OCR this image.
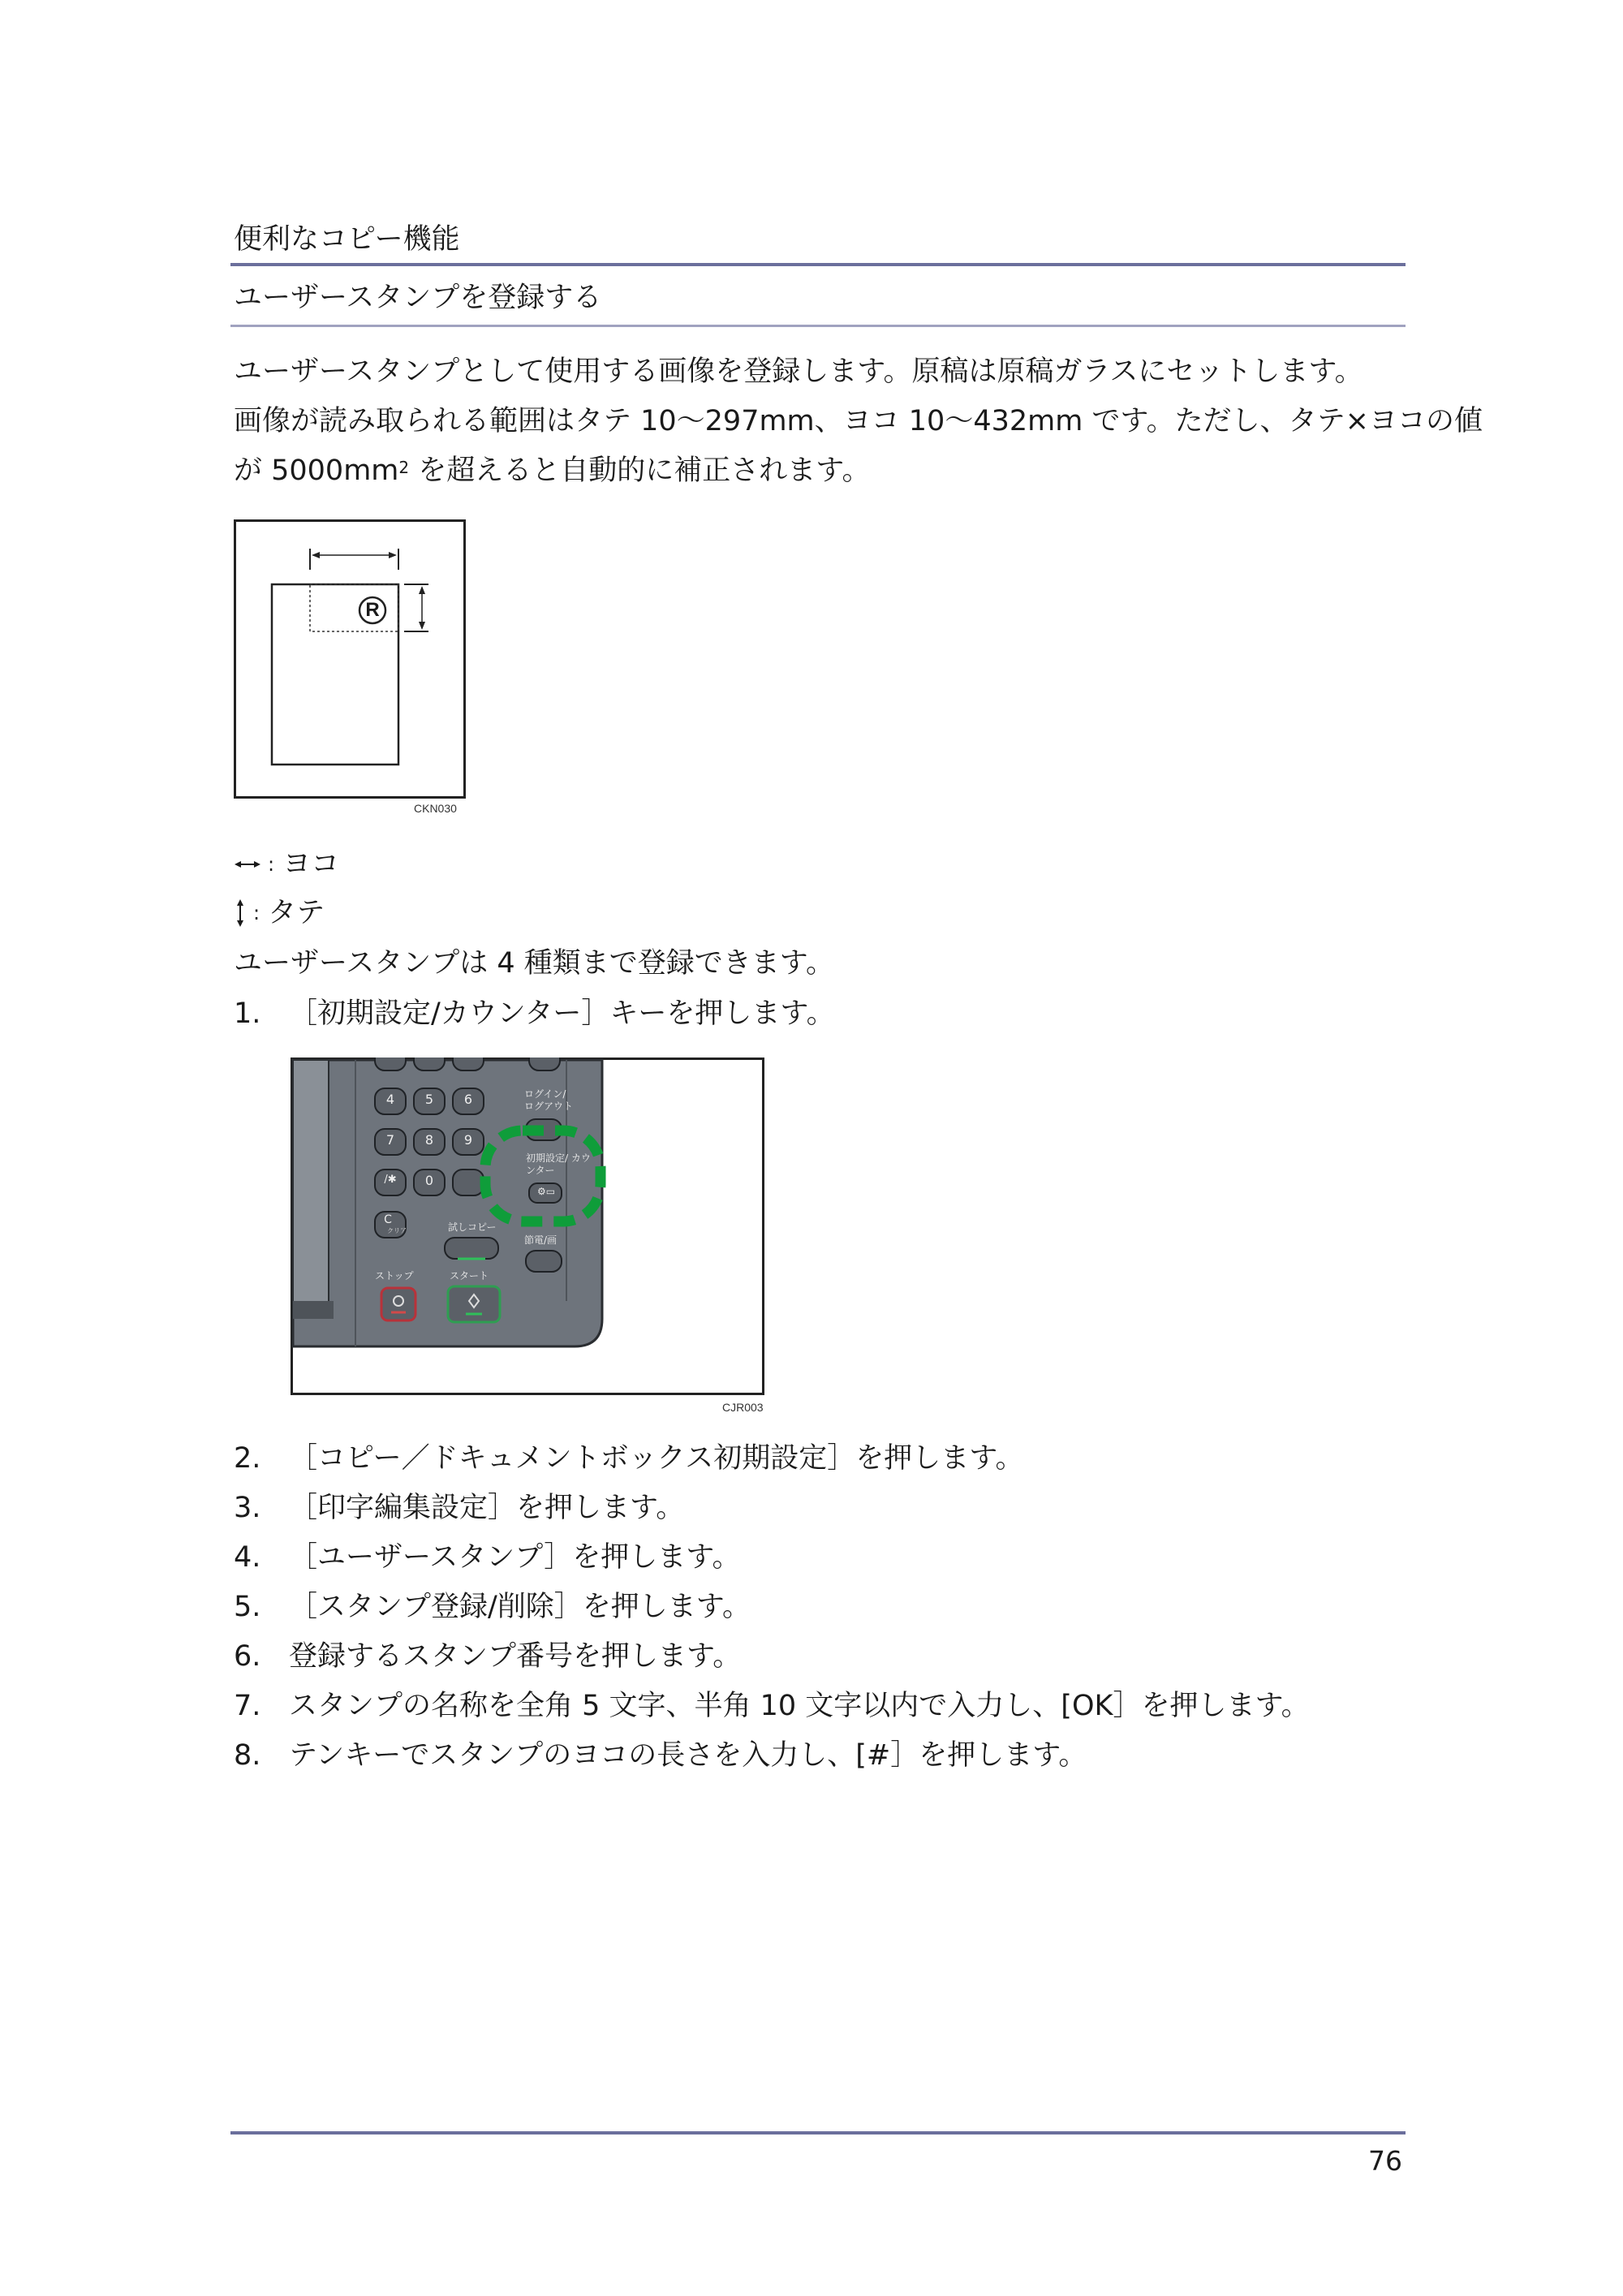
便利なコピー機能
ユーザースタンプを登録する
ユーザースタンプとして使用する画像を登録します。原稿は原稿ガラスにセットします。
画像が読み取られる範囲はタテ 10～297mm、ヨコ 10～432mm です。ただし、タテ×ヨコの値
が $5000mm^2$ を超えると自動的に補正されます。
R
CKN030
: ヨコ
: タテ
ユーザースタンプは 4 種類まで登録できます。
1. ［初期設定/カウンター］キーを押します。
4	5	6
7	8	9
/✱	0
C
クリア
ログイン/ ログアウト
初期設定/ カウンター
⚙▭
試しコピー
節電/画
ストップ	スタート
CJR003
2. ［コピー／ドキュメントボックス初期設定］を押します。
3. ［印字編集設定］を押します。
4. ［ユーザースタンプ］を押します。
5. ［スタンプ登録/削除］を押します。
6. 登録するスタンプ番号を押します。
7. スタンプの名称を全角 5 文字、半角 10 文字以内で入力し、[OK］を押します。
8. テンキーでスタンプのヨコの長さを入力し、[#］を押します。
76
